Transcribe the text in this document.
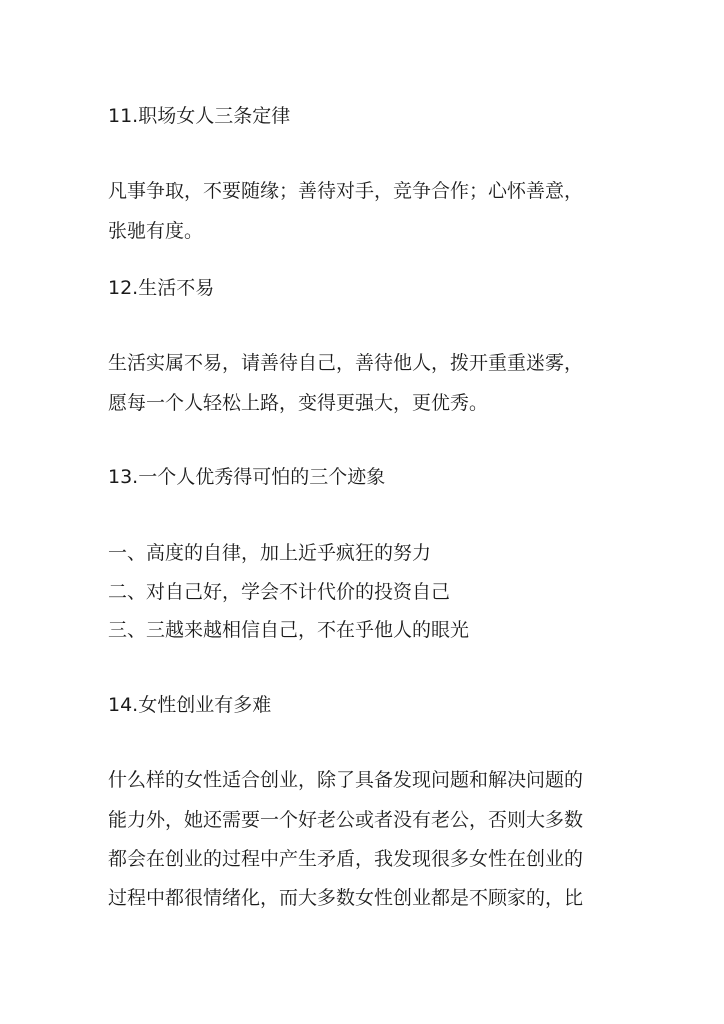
11.职场女人三条定律
凡事争取，不要随缘；善待对手，竞争合作；心怀善意，
张驰有度。
12.生活不易
生活实属不易，请善待自己，善待他人，拨开重重迷雾，
愿每一个人轻松上路，变得更强大，更优秀。
13.一个人优秀得可怕的三个迹象
一、高度的自律，加上近乎疯狂的努力
二、对自己好，学会不计代价的投资自己
三、三越来越相信自己，不在乎他人的眼光
14.女性创业有多难
什么样的女性适合创业，除了具备发现问题和解决问题的
能力外，她还需要一个好老公或者没有老公，否则大多数
都会在创业的过程中产生矛盾，我发现很多女性在创业的
过程中都很情绪化，而大多数女性创业都是不顾家的，比
